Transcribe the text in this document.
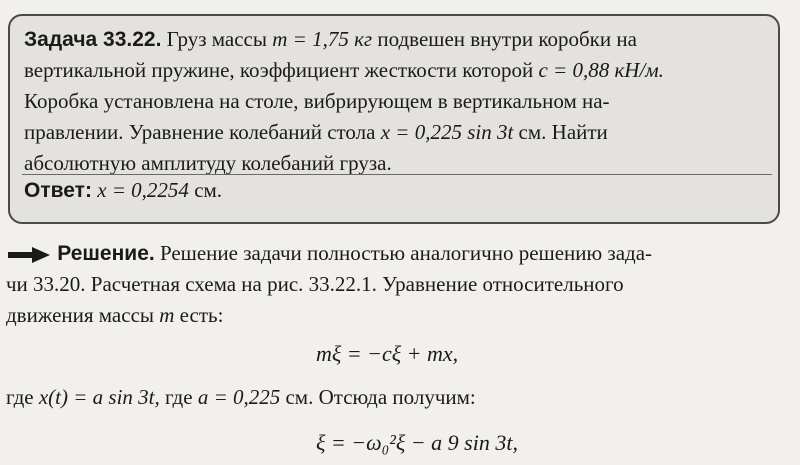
Задача 33.22. Груз массы m = 1,75 кг подвешен внутри коробки на
вертикальной пружине, коэффициент жесткости которой c = 0,88 кН/м.
Коробка установлена на столе, вибрирующем в вертикальном на-
правлении. Уравнение колебаний стола x = 0,225 sin 3t см. Найти
абсолютную амплитуду колебаний груза.
Ответ: x = 0,2254 см.
Решение. Решение задачи полностью аналогично решению зада-
чи 33.20. Расчетная схема на рис. 33.22.1. Уравнение относительного
движения массы m есть:
mξ = −cξ + mx,
где x(t) = a sin 3t, где a = 0,225 см. Отсюда получим:
ξ = −ω₀²ξ − a 9 sin 3t,
